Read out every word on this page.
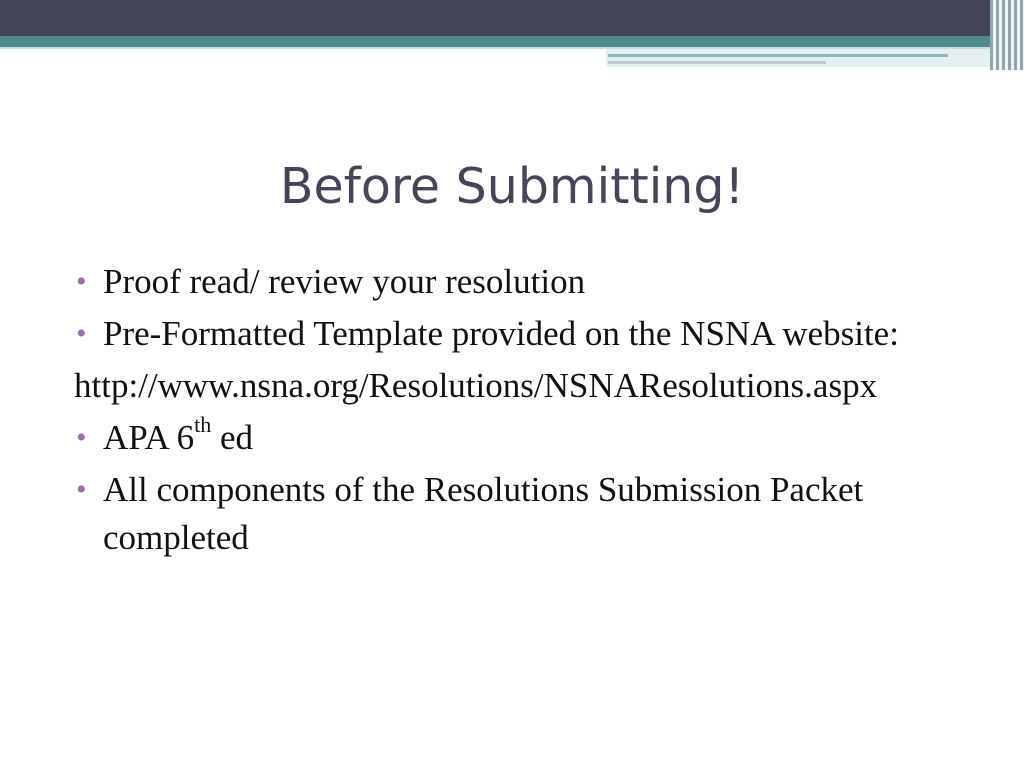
Before Submitting!
• Proof read/ review your resolution
• Pre-Formatted Template provided on the NSNA website:
http://www.nsna.org/Resolutions/NSNAResolutions.aspx
• APA 6th ed
• All components of the Resolutions Submission Packet completed
